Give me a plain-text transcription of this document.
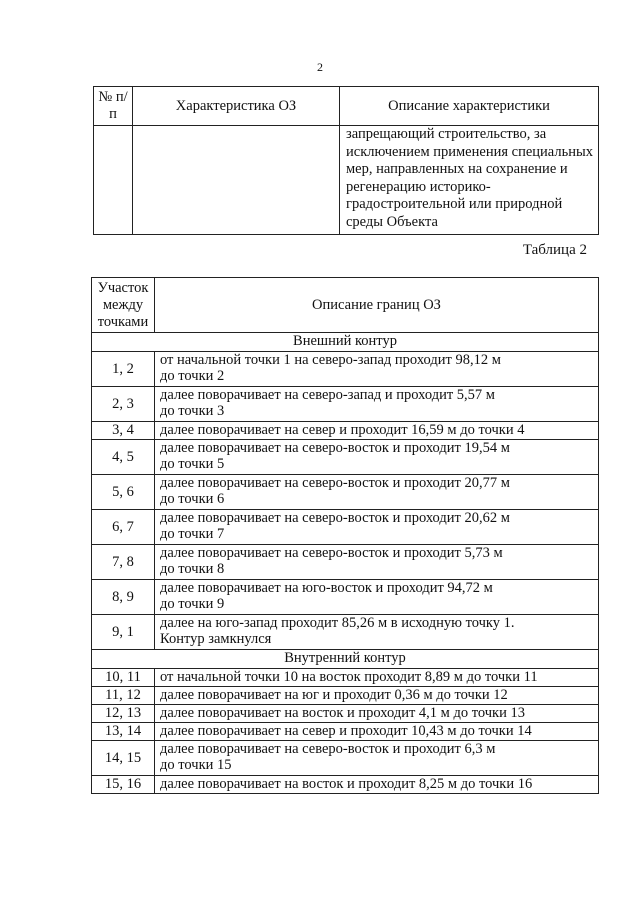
2
№ п/п	Характеристика ОЗ	Описание характеристики
		запрещающий строительство, за исключением применения специальных мер, направленных на сохранение и регенерацию историко-градостроительной или природной среды Объекта
Таблица 2
Участок между точками	Описание границ ОЗ
Внешний контур	
1, 2	от начальной точки 1 на северо-запад проходит 98,12 м
до точки 2

2, 3	далее поворачивает на северо-запад и проходит 5,57 м
до точки 3

3, 4	далее поворачивает на север и проходит 16,59 м до точки 4

4, 5	далее поворачивает на северо-восток и проходит 19,54 м
до точки 5

5, 6	далее поворачивает на северо-восток и проходит 20,77 м
до точки 6

6, 7	далее поворачивает на северо-восток и проходит 20,62 м
до точки 7

7, 8	далее поворачивает на северо-восток и проходит 5,73 м
до точки 8

8, 9	далее поворачивает на юго-восток и проходит 94,72 м
до точки 9

9, 1	далее на юго-запад проходит 85,26 м в исходную точку 1.
Контур замкнулся

Внутренний контур	
10, 11	от начальной точки 10 на восток проходит 8,89 м до точки 11

11, 12	далее поворачивает на юг и проходит 0,36 м до точки 12

12, 13	далее поворачивает на восток и проходит 4,1 м до точки 13

13, 14	далее поворачивает на север и проходит 10,43 м до точки 14

14, 15	далее поворачивает на северо-восток и проходит 6,3 м
до точки 15

15, 16	далее поворачивает на восток и проходит 8,25 м до точки 16
